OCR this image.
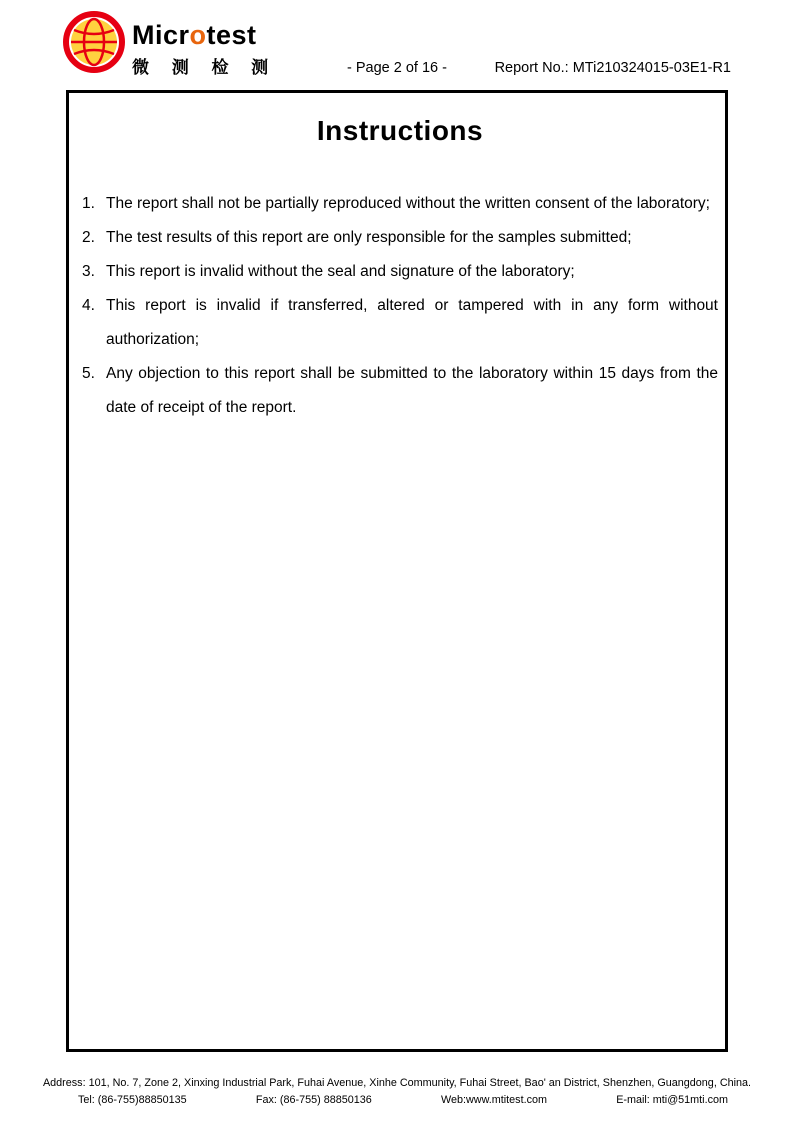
Microtest
微 测 检 测	- Page 2 of 16 -	Report No.: MTi210324015-03E1-R1
Instructions
1. The report shall not be partially reproduced without the written consent of the laboratory;
2. The test results of this report are only responsible for the samples submitted;
3. This report is invalid without the seal and signature of the laboratory;
4. This report is invalid if transferred, altered or tampered with in any form without authorization;
5. Any objection to this report shall be submitted to the laboratory within 15 days from the date of receipt of the report.
Address: 101, No. 7, Zone 2, Xinxing Industrial Park, Fuhai Avenue, Xinhe Community, Fuhai Street, Bao' an District, Shenzhen, Guangdong, China.
Tel: (86-755)88850135	Fax: (86-755) 88850136	Web:www.mtitest.com	E-mail: mti@51mti.com
